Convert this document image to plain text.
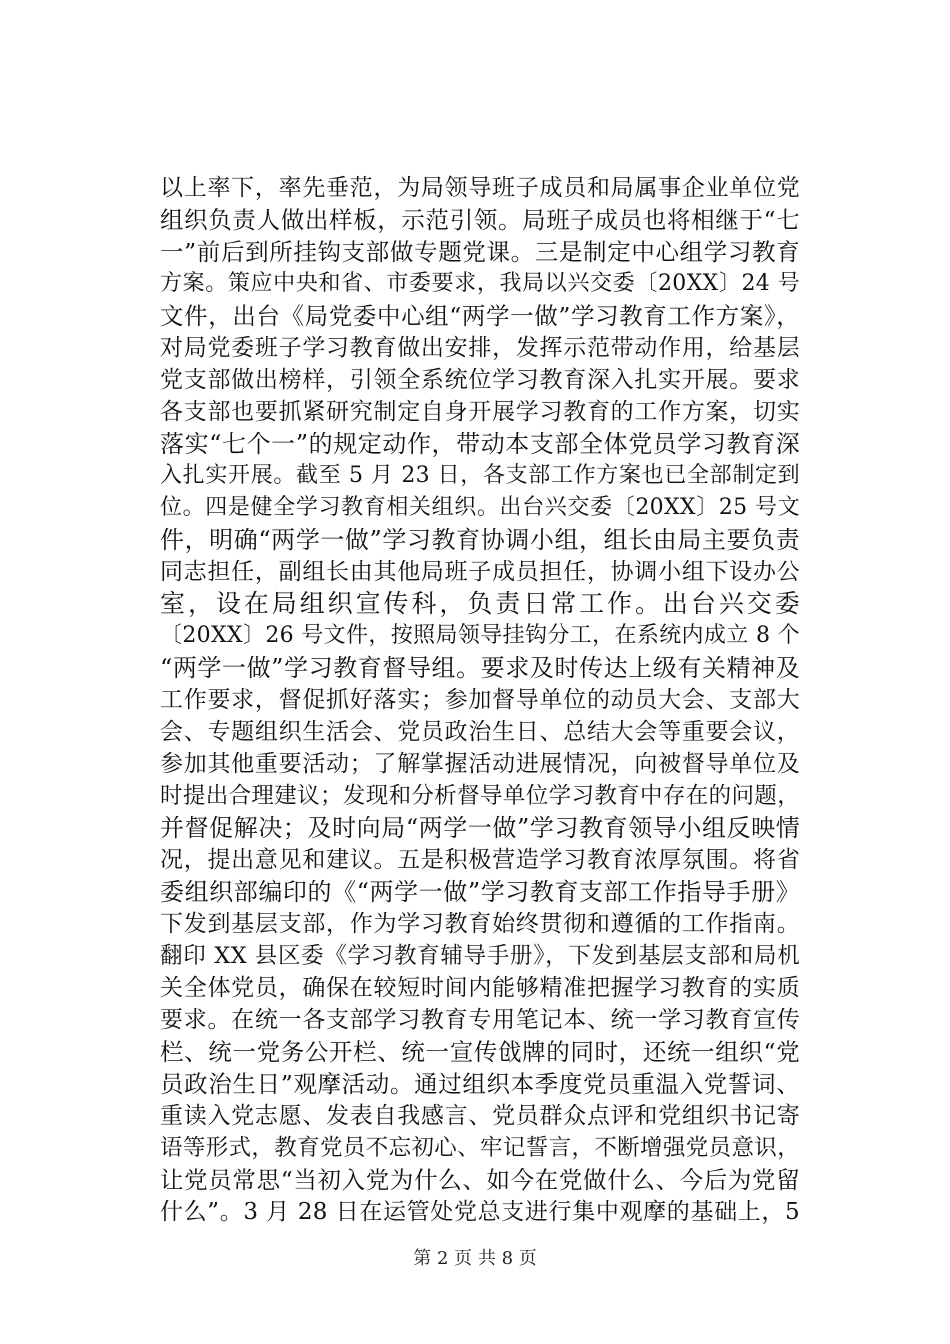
以上率下，率先垂范，为局领导班子成员和局属事企业单位党
组织负责人做出样板，示范引领。局班子成员也将相继于“七
一”前后到所挂钩支部做专题党课。三是制定中心组学习教育
方案。策应中央和省、市委要求，我局以兴交委〔20XX〕24 号
文件，出台《局党委中心组“两学一做”学习教育工作方案》，
对局党委班子学习教育做出安排，发挥示范带动作用，给基层
党支部做出榜样，引领全系统位学习教育深入扎实开展。要求
各支部也要抓紧研究制定自身开展学习教育的工作方案，切实
落实“七个一”的规定动作，带动本支部全体党员学习教育深
入扎实开展。截至 5 月 23 日，各支部工作方案也已全部制定到
位。四是健全学习教育相关组织。出台兴交委〔20XX〕25 号文
件，明确“两学一做”学习教育协调小组，组长由局主要负责
同志担任，副组长由其他局班子成员担任，协调小组下设办公
室，设在局组织宣传科，负责日常工作。出台兴交委
〔20XX〕26 号文件，按照局领导挂钩分工，在系统内成立 8 个
“两学一做”学习教育督导组。要求及时传达上级有关精神及
工作要求，督促抓好落实；参加督导单位的动员大会、支部大
会、专题组织生活会、党员政治生日、总结大会等重要会议，
参加其他重要活动；了解掌握活动进展情况，向被督导单位及
时提出合理建议；发现和分析督导单位学习教育中存在的问题，
并督促解决；及时向局“两学一做”学习教育领导小组反映情
况，提出意见和建议。五是积极营造学习教育浓厚氛围。将省
委组织部编印的《“两学一做”学习教育支部工作指导手册》
下发到基层支部，作为学习教育始终贯彻和遵循的工作指南。
翻印 XX 县区委《学习教育辅导手册》，下发到基层支部和局机
关全体党员，确保在较短时间内能够精准把握学习教育的实质
要求。在统一各支部学习教育专用笔记本、统一学习教育宣传
栏、统一党务公开栏、统一宣传戗牌的同时，还统一组织“党
员政治生日”观摩活动。通过组织本季度党员重温入党誓词、
重读入党志愿、发表自我感言、党员群众点评和党组织书记寄
语等形式，教育党员不忘初心、牢记誓言，不断增强党员意识，
让党员常思“当初入党为什么、如今在党做什么、今后为党留
什么”。3 月 28 日在运管处党总支进行集中观摩的基础上，5
第 2 页 共 8 页
